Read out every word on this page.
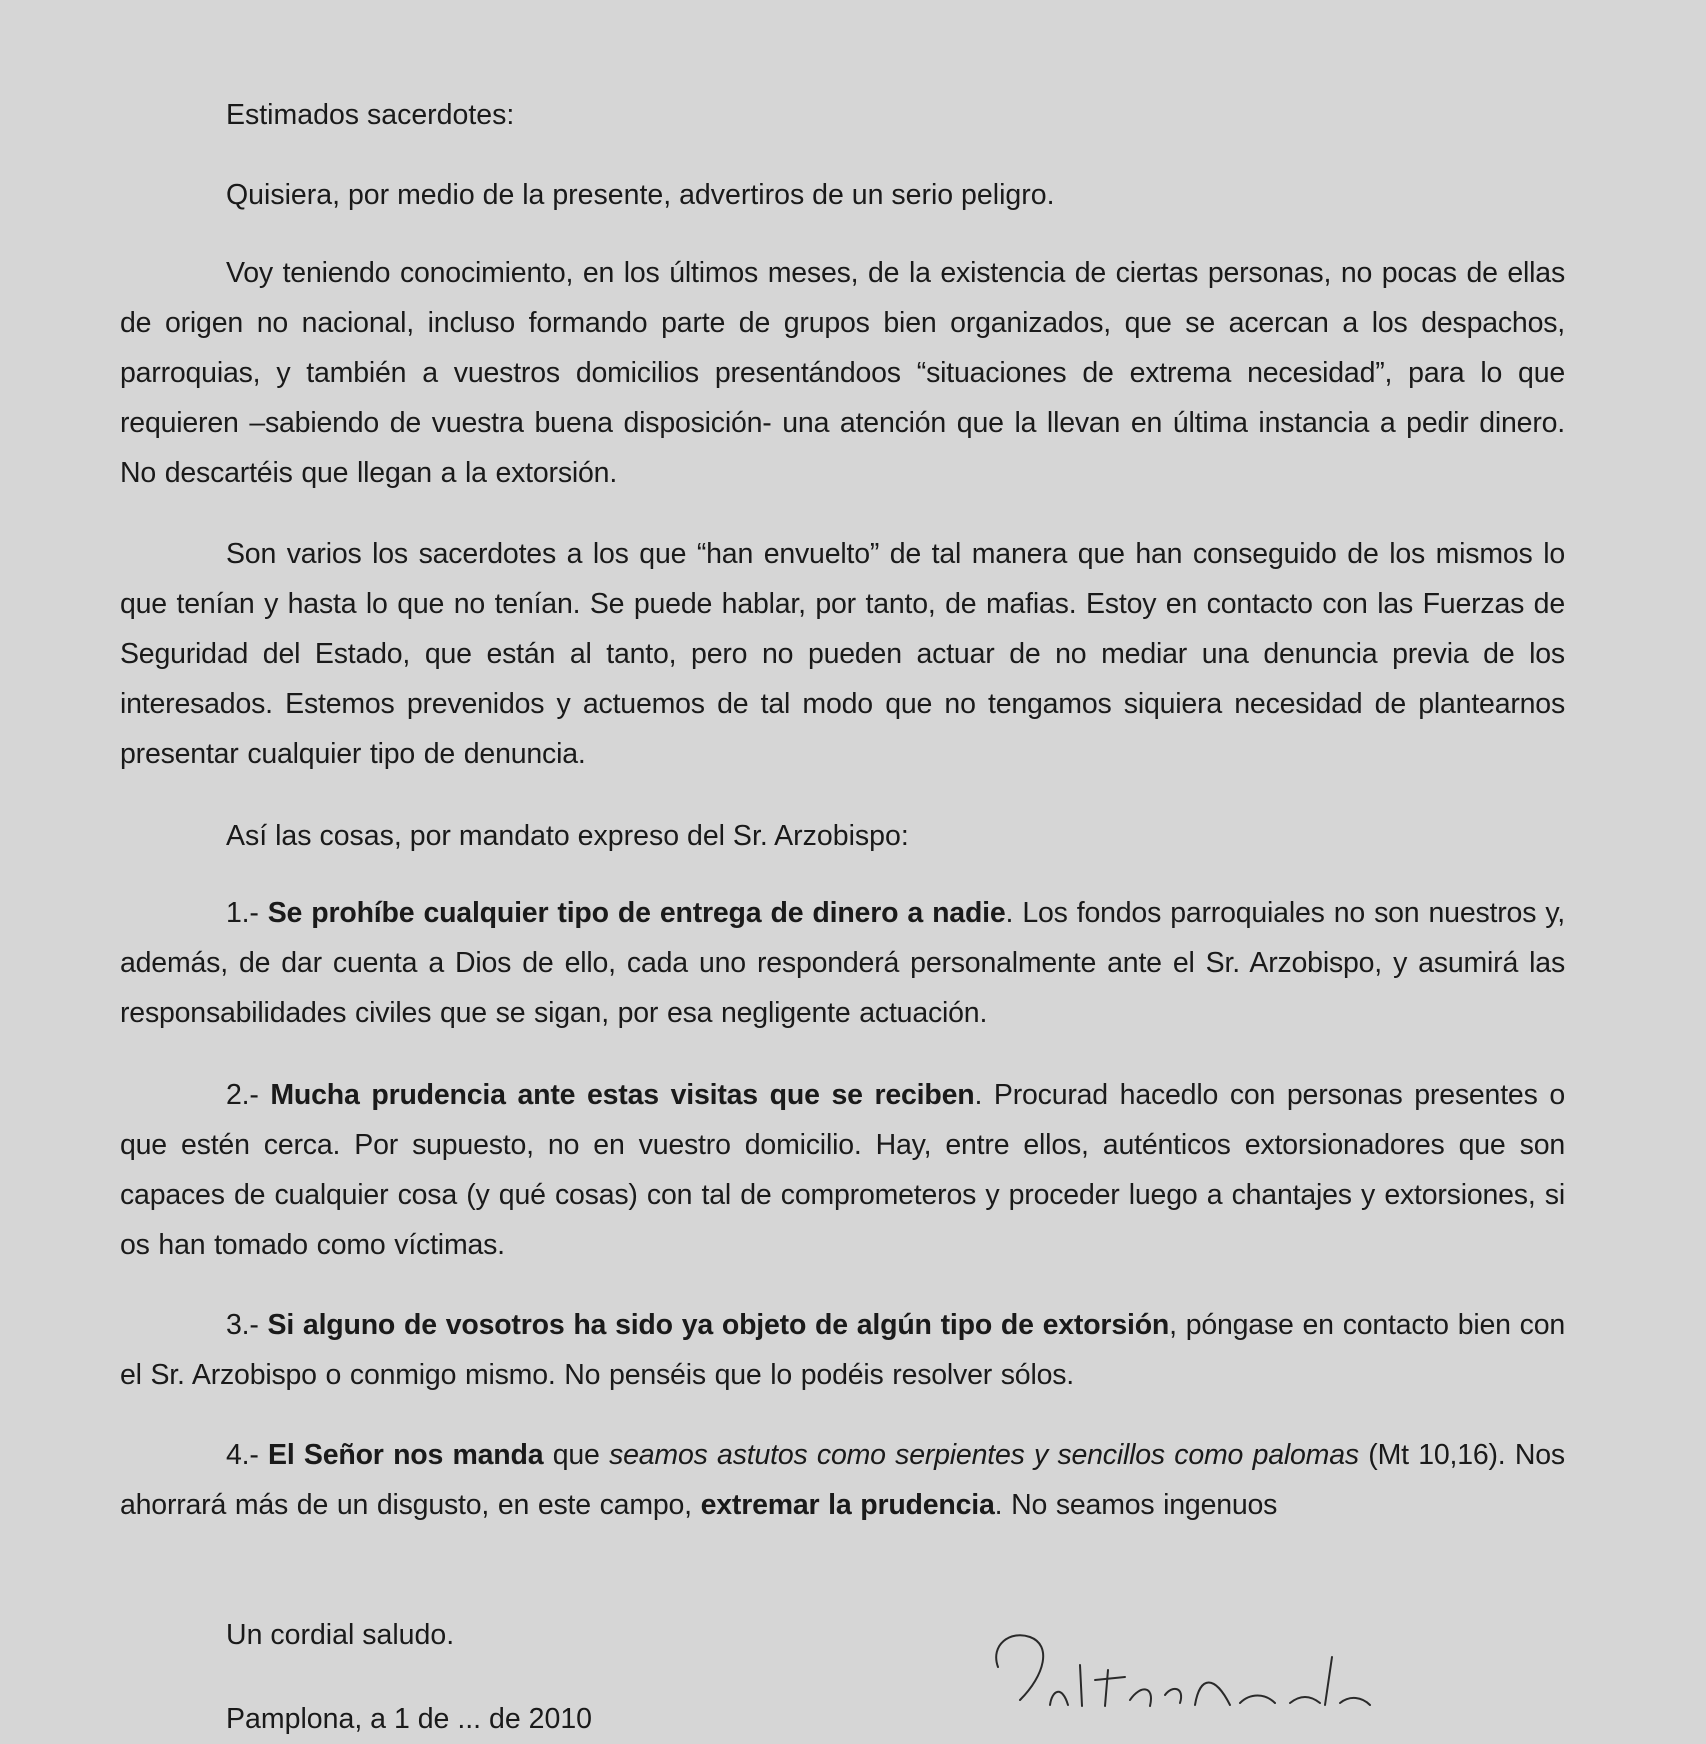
Estimados sacerdotes:
Quisiera, por medio de la presente, advertiros de un serio peligro.
Voy teniendo conocimiento, en los últimos meses, de la existencia de ciertas personas, no pocas de ellas de origen no nacional, incluso formando parte de grupos bien organizados, que se acercan a los despachos, parroquias, y también a vuestros domicilios presentándoos “situaciones de extrema necesidad”, para lo que requieren –sabiendo de vuestra buena disposición- una atención que la llevan en última instancia a pedir dinero. No descartéis que llegan a la extorsión.
Son varios los sacerdotes a los que “han envuelto” de tal manera que han conseguido de los mismos lo que tenían y hasta lo que no tenían. Se puede hablar, por tanto, de mafias. Estoy en contacto con las Fuerzas de Seguridad del Estado, que están al tanto, pero no pueden actuar de no mediar una denuncia previa de los interesados. Estemos prevenidos y actuemos de tal modo que no tengamos siquiera necesidad de plantearnos presentar cualquier tipo de denuncia.
Así las cosas, por mandato expreso del Sr. Arzobispo:
1.- Se prohíbe cualquier tipo de entrega de dinero a nadie. Los fondos parroquiales no son nuestros y, además, de dar cuenta a Dios de ello, cada uno responderá personalmente ante el Sr. Arzobispo, y asumirá las responsabilidades civiles que se sigan, por esa negligente actuación.
2.- Mucha prudencia ante estas visitas que se reciben. Procurad hacedlo con personas presentes o que estén cerca. Por supuesto, no en vuestro domicilio. Hay, entre ellos, auténticos extorsionadores que son capaces de cualquier cosa (y qué cosas) con tal de comprometeros y proceder luego a chantajes y extorsiones, si os han tomado como víctimas.
3.- Si alguno de vosotros ha sido ya objeto de algún tipo de extorsión, póngase en contacto bien con el Sr. Arzobispo o conmigo mismo. No penséis que lo podéis resolver sólos.
4.- El Señor nos manda que seamos astutos como serpientes y sencillos como palomas (Mt 10,16). Nos ahorrará más de un disgusto, en este campo, extremar la prudencia. No seamos ingenuos
Un cordial saludo.
Pamplona, a 1 de ... de 2010
